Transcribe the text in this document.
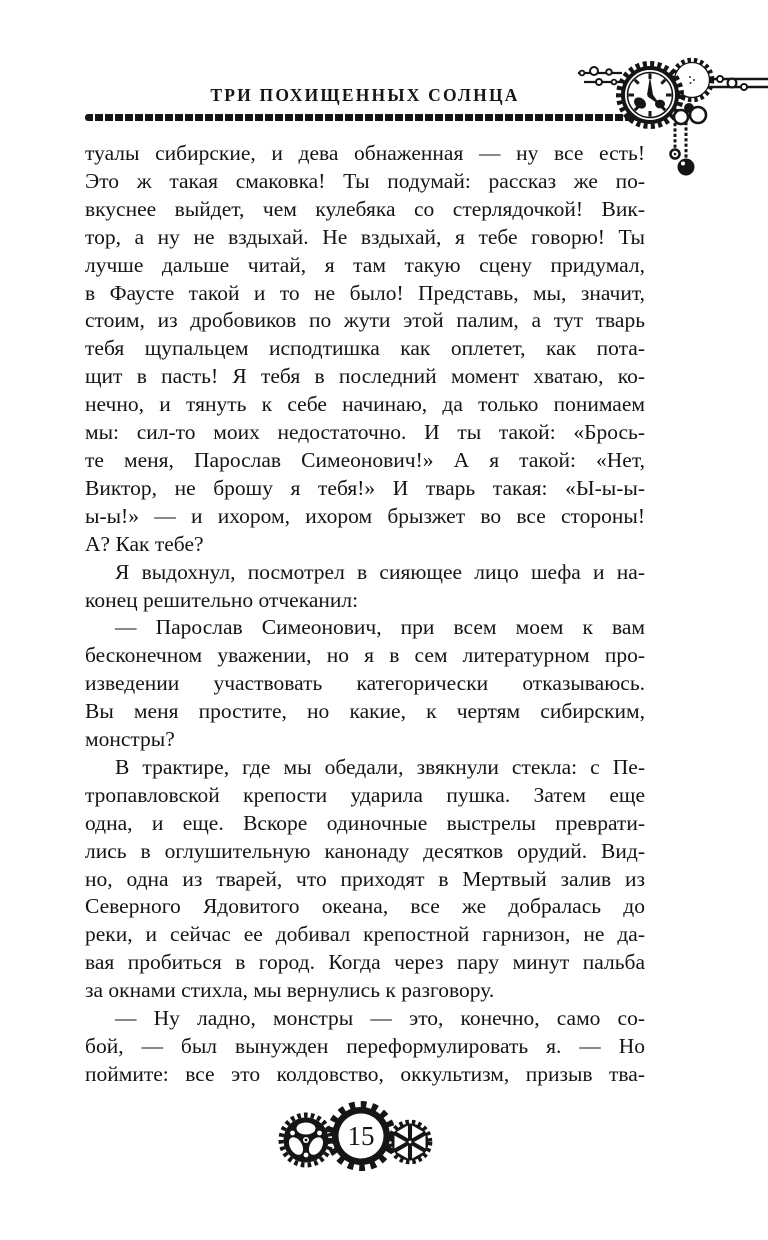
ТРИ ПОХИЩЕННЫХ СОЛНЦА
туалы сибирские, и дева обнаженная — ну все есть!
Это ж такая смаковка! Ты подумай: рассказ же по-
вкуснее выйдет, чем кулебяка со стерлядочкой! Вик-
тор, а ну не вздыхай. Не вздыхай, я тебе говорю! Ты
лучше дальше читай, я там такую сцену придумал,
в Фаусте такой и то не было! Представь, мы, значит,
стоим, из дробовиков по жути этой палим, а тут тварь
тебя щупальцем исподтишка как оплетет, как пота-
щит в пасть! Я тебя в последний момент хватаю, ко-
нечно, и тянуть к себе начинаю, да только понимаем
мы: сил-то моих недостаточно. И ты такой: «Брось-
те меня, Парослав Симеонович!» А я такой: «Нет,
Виктор, не брошу я тебя!» И тварь такая: «Ы-ы-ы-
ы-ы!» — и ихором, ихором брызжет во все стороны!
А? Как тебе?
Я выдохнул, посмотрел в сияющее лицо шефа и на-
конец решительно отчеканил:
— Парослав Симеонович, при всем моем к вам
бесконечном уважении, но я в сем литературном про-
изведении участвовать категорически отказываюсь.
Вы меня простите, но какие, к чертям сибирским,
монстры?
В трактире, где мы обедали, звякнули стекла: с Пе-
тропавловской крепости ударила пушка. Затем еще
одна, и еще. Вскоре одиночные выстрелы преврати-
лись в оглушительную канонаду десятков орудий. Вид-
но, одна из тварей, что приходят в Мертвый залив из
Северного Ядовитого океана, все же добралась до
реки, и сейчас ее добивал крепостной гарнизон, не да-
вая пробиться в город. Когда через пару минут пальба
за окнами стихла, мы вернулись к разговору.
— Ну ладно, монстры — это, конечно, само со-
бой, — был вынужден переформулировать я. — Но
поймите: все это колдовство, оккультизм, призыв тва-
15
